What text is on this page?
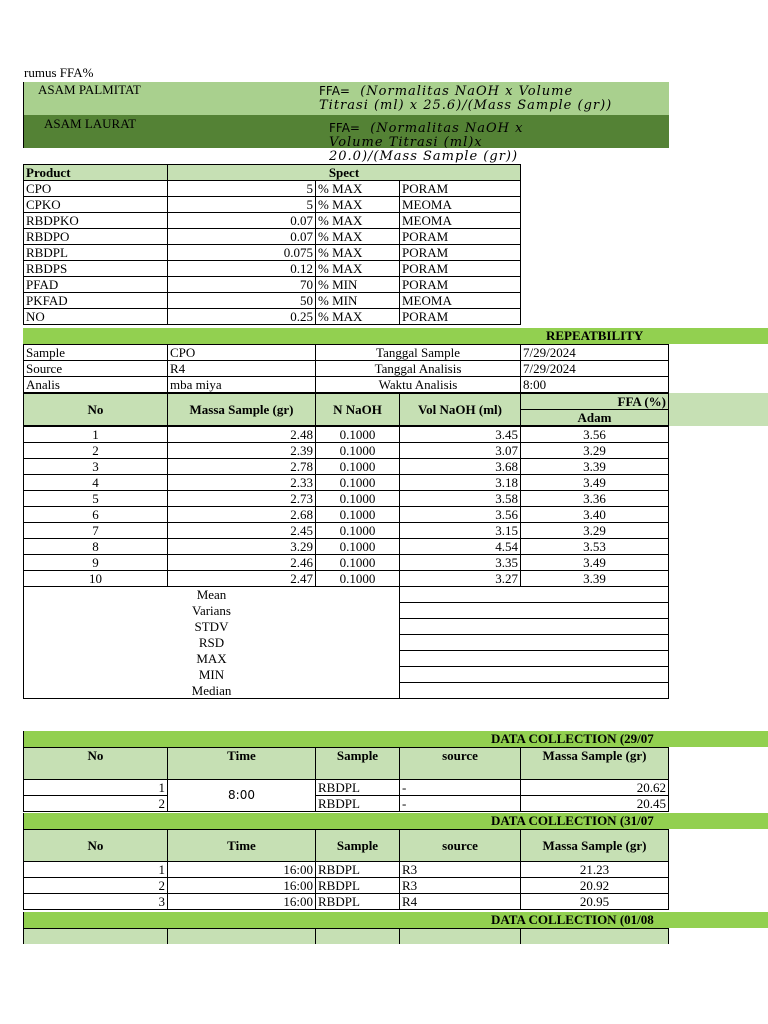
rumus FFA%
ASAM PALMITAT
ASAM LAURAT
FFA= (Normalitas NaOH x Volume Titrasi (ml) x 25.6)/(Mass Sample (gr))
FFA= (Normalitas NaOH x Volume Titrasi (ml)x 20.0)/(Mass Sample (gr))
Product	Spect		
CPO	5	% MAX	PORAM
CPKO	5	% MAX	MEOMA
RBDPKO	0.07	% MAX	MEOMA
RBDPO	0.07	% MAX	PORAM
RBDPL	0.075	% MAX	PORAM
RBDPS	0.12	% MAX	PORAM
PFAD	70	% MIN	PORAM
PKFAD	50	% MIN	MEOMA
NO	0.25	% MAX	PORAM
REPEATBILITY
Sample	CPO	Tanggal Sample	7/29/2024
Source	R4	Tanggal Analisis	7/29/2024
Analis	mba miya	Waktu Analisis	8:00
No	Massa Sample (gr)	N NaOH	Vol NaOH (ml)	FFA (%)
Adam
1	2.48	0.1000	3.45	3.56
2	2.39	0.1000	3.07	3.29
3	2.78	0.1000	3.68	3.39
4	2.33	0.1000	3.18	3.49
5	2.73	0.1000	3.58	3.36
6	2.68	0.1000	3.56	3.40
7	2.45	0.1000	3.15	3.29
8	3.29	0.1000	4.54	3.53
9	2.46	0.1000	3.35	3.49
10	2.47	0.1000	3.27	3.39
Mean				
Varians				
STDV				
RSD				
MAX				
MIN				
Median				
DATA COLLECTION (29/07
No	Time	Sample	source	Massa Sample (gr)
1	8:00	RBDPL	-	20.62
2		RBDPL	-	20.45
DATA COLLECTION (31/07
No	Time	Sample	source	Massa Sample (gr)
1	16:00	RBDPL	R3	21.23
2	16:00	RBDPL	R3	20.92
3	16:00	RBDPL	R4	20.95
DATA COLLECTION (01/08
